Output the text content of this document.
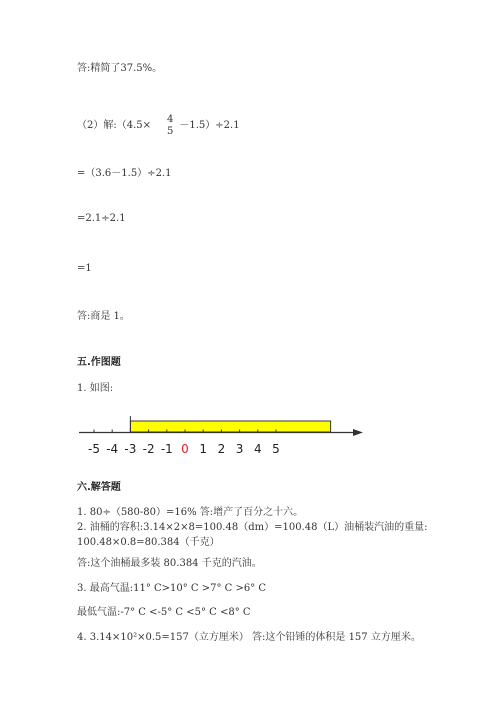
答:精简了37.5%。
（2）解:（4.5× $\frac{4}{5} -1.5)\div 2.1$
=（3.6－1.5）÷2.1
=2.1÷2.1
=1
答:商是 1。
五.作图题
1. 如图:
-5 -4 -3 -2 -1 0 1 2 3 4 5
六.解答题
1. 80÷（580-80）=16% 答:增产了百分之十六。
2. 油桶的容积:3.14×2×8=100.48（dm）=100.48（L）油桶装汽油的重量:
100.48×0.8=80.384（千克）
答:这个油桶最多装 80.384 千克的汽油。
3. 最高气温:11° C>10° C >7° C >6° C
最低气温:-7° C <-5° C <5° C <8° C
4. 3.14×10²×0.5=157（立方厘米） 答:这个铅锤的体积是 157 立方厘米。
